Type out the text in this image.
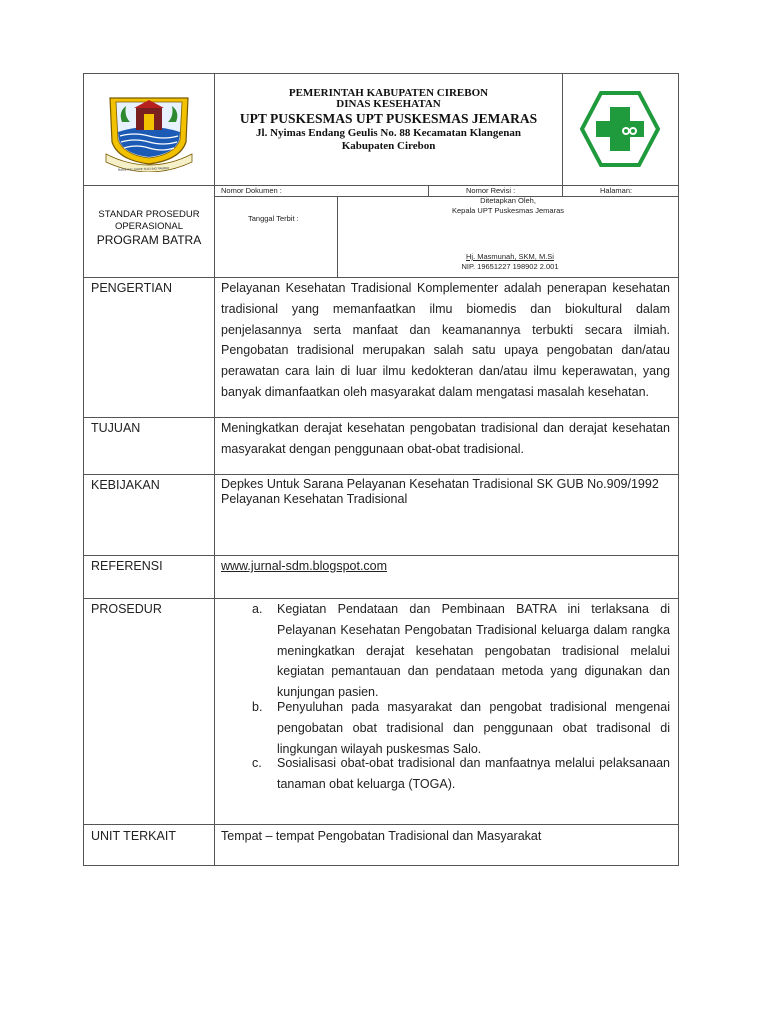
RAME ING GAWE SUCI ING PAMRIH
PEMERINTAH KABUPATEN CIREBON
DINAS KESEHATAN
UPT PUSKESMAS UPT PUSKESMAS JEMARAS
Jl. Nyimas Endang Geulis No. 88 Kecamatan Klangenan
Kabupaten Cirebon
Nomor Dokumen :	Nomor Revisi :	Halaman:
Tanggal Terbit :
Ditetapkan Oleh,
Kepala UPT Puskesmas Jemaras
Hj. Masmunah, SKM, M.Si
NIP. 19651227 198902 2.001
STANDAR PROSEDUR
OPERASIONAL
PROGRAM BATRA
PENGERTIAN	Pelayanan Kesehatan Tradisional Komplementer adalah penerapan kesehatan
tradisional yang memanfaatkan ilmu biomedis dan biokultural dalam
penjelasannya serta manfaat dan keamanannya terbukti secara ilmiah.
Pengobatan tradisional merupakan salah satu upaya pengobatan dan/atau
perawatan cara lain di luar ilmu kedokteran dan/atau ilmu keperawatan, yang
banyak dimanfaatkan oleh masyarakat dalam mengatasi masalah kesehatan.
TUJUAN	Meningkatkan derajat kesehatan pengobatan tradisional dan derajat kesehatan
masyarakat dengan penggunaan obat-obat tradisional.
KEBIJAKAN	Depkes Untuk Sarana Pelayanan Kesehatan Tradisional SK GUB No.909/1992
Pelayanan Kesehatan Tradisional
REFERENSI	www.jurnal-sdm.blogspot.com
PROSEDUR	a. Kegiatan Pendataan dan Pembinaan BATRA ini terlaksana di
Pelayanan Kesehatan Pengobatan Tradisional keluarga dalam rangka
meningkatkan derajat kesehatan pengobatan tradisional melalui
kegiatan pemantauan dan pendataan metoda yang digunakan dan
kunjungan pasien.
b. Penyuluhan pada masyarakat dan pengobat tradisional mengenai
pengobatan obat tradisional dan penggunaan obat tradisonal di
lingkungan wilayah puskesmas Salo.
c. Sosialisasi obat-obat tradisional dan manfaatnya melalui pelaksanaan
tanaman obat keluarga (TOGA).
UNIT TERKAIT	Tempat – tempat Pengobatan Tradisional dan Masyarakat
